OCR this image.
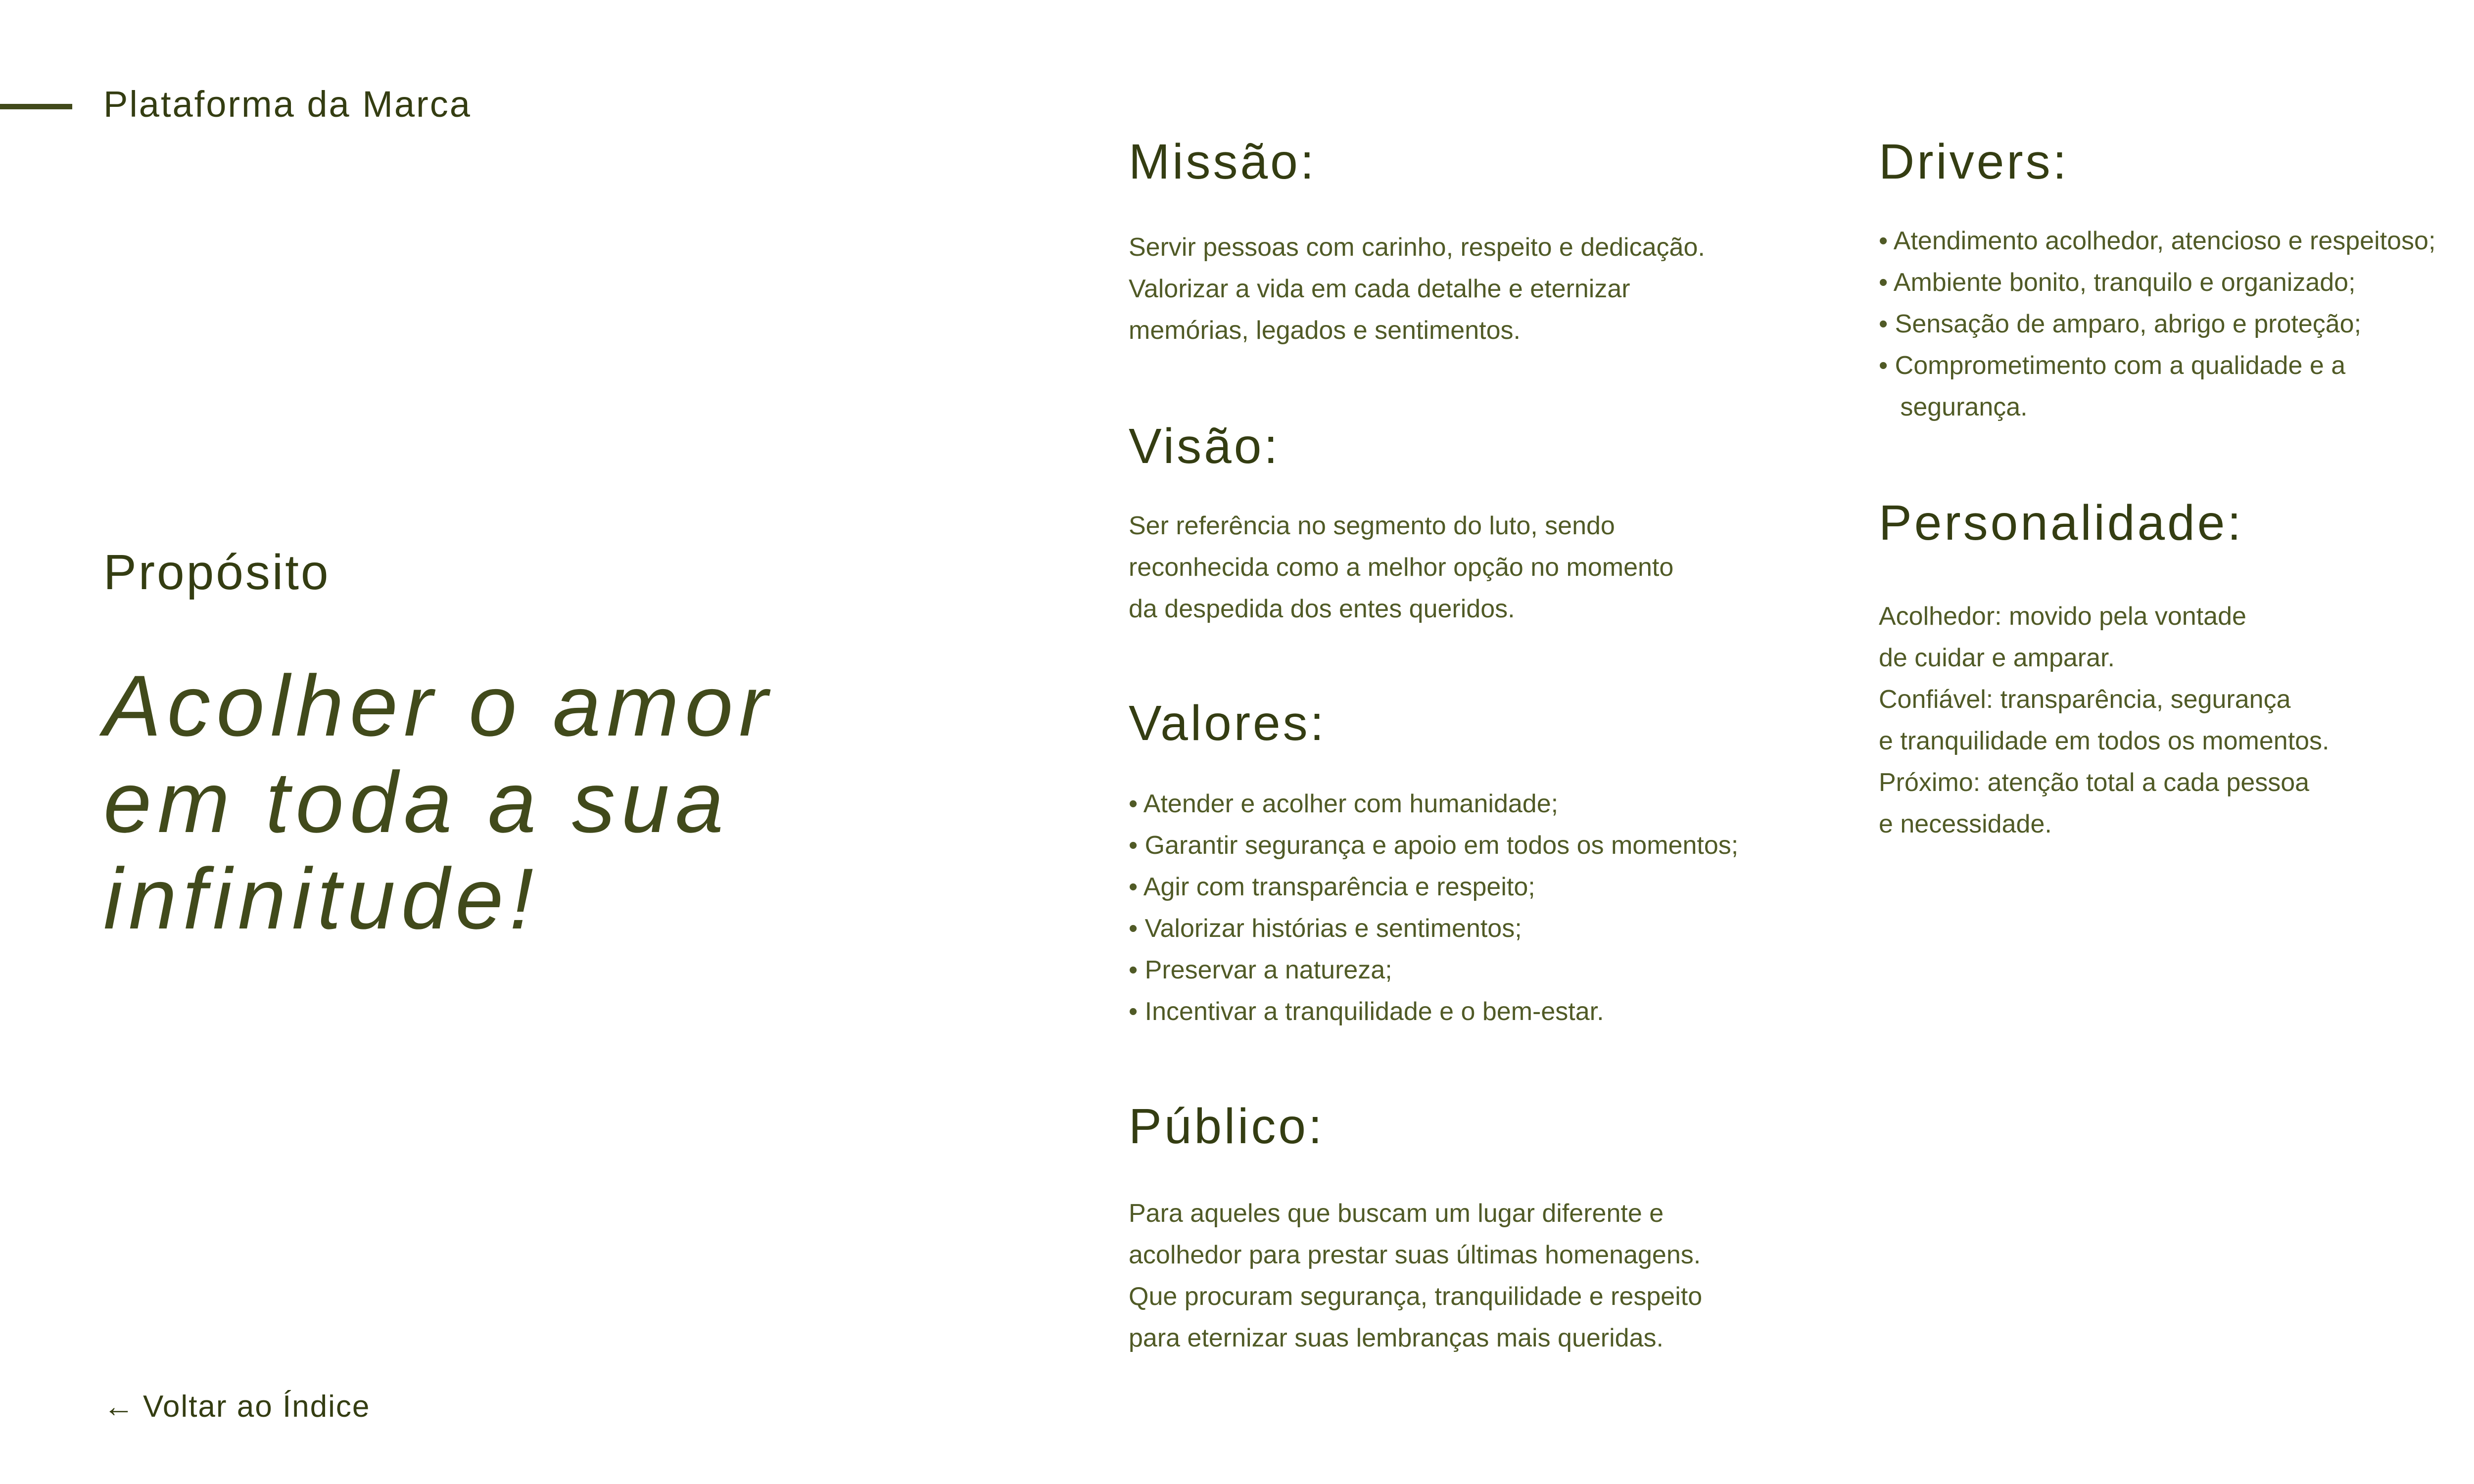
Plataforma da Marca
Propósito
Acolher o amor
em toda a sua
infinitude!
Missão:
Servir pessoas com carinho, respeito e dedicação.
Valorizar a vida em cada detalhe e eternizar
memórias, legados e sentimentos.
Visão:
Ser referência no segmento do luto, sendo
reconhecida como a melhor opção no momento
da despedida dos entes queridos.
Valores:
• Atender e acolher com humanidade;
• Garantir segurança e apoio em todos os momentos;
• Agir com transparência e respeito;
• Valorizar histórias e sentimentos;
• Preservar a natureza;
• Incentivar a tranquilidade e o bem-estar.
Público:
Para aqueles que buscam um lugar diferente e
acolhedor para prestar suas últimas homenagens.
Que procuram segurança, tranquilidade e respeito
para eternizar suas lembranças mais queridas.
Drivers:
• Atendimento acolhedor, atencioso e respeitoso;
• Ambiente bonito, tranquilo e organizado;
• Sensação de amparo, abrigo e proteção;
• Comprometimento com a qualidade e a
segurança.
Personalidade:
Acolhedor: movido pela vontade
de cuidar e amparar.
Confiável: transparência, segurança
e tranquilidade em todos os momentos.
Próximo: atenção total a cada pessoa
e necessidade.
← Voltar ao Índice
